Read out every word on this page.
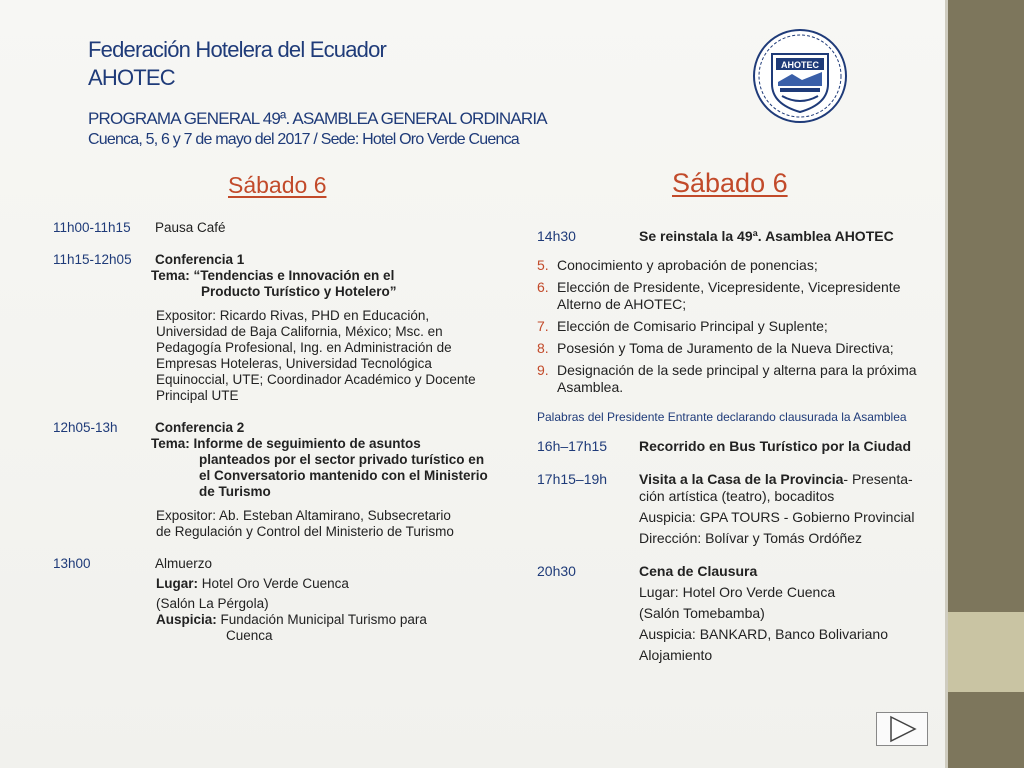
Federación Hotelera del Ecuador
AHOTEC
PROGRAMA GENERAL 49ª. ASAMBLEA GENERAL ORDINARIA
Cuenca, 5, 6 y 7 de mayo del 2017 / Sede: Hotel Oro Verde Cuenca
AHOTEC
Sábado 6	Sábado 6
11h00-11h15	Pausa Café
11h15-12h05	Conferencia 1
Tema: “Tendencias e Innovación en el
Producto Turístico y Hotelero”
Expositor: Ricardo Rivas, PHD en Educación, Universidad de Baja California, México; Msc. en Pedagogía Profesional, Ing. en Administración de Empresas Hoteleras, Universidad Tecnológica Equinoccial, UTE; Coordinador Académico y Docente Principal UTE
12h05-13h	Conferencia 2
Tema: Informe de seguimiento de asuntos planteados por el sector privado turístico en el Conversatorio mantenido con el Ministerio de Turismo
Expositor: Ab. Esteban Altamirano, Subsecretario de Regulación y Control del Ministerio de Turismo
13h00	Almuerzo
Lugar: Hotel Oro Verde Cuenca
(Salón La Pérgola)
Auspicia: Fundación Municipal Turismo para
Cuenca
14h30	Se reinstala la 49ª. Asamblea AHOTEC
5. Conocimiento y aprobación de ponencias;
6. Elección de Presidente, Vicepresidente, Vicepresidente Alterno de AHOTEC;
7. Elección de Comisario Principal y Suplente;
8. Posesión y Toma de Juramento de la Nueva Directiva;
9. Designación de la sede principal y alterna para la próxima Asamblea.
Palabras del Presidente Entrante declarando clausurada la Asamblea
16h–17h15	Recorrido en Bus Turístico por la Ciudad
17h15–19h	Visita a la Casa de la Provincia- Presenta-ción artística (teatro), bocaditos
Auspicia: GPA TOURS - Gobierno Provincial
Dirección: Bolívar y Tomás Ordóñez
20h30	Cena de Clausura
Lugar: Hotel Oro Verde Cuenca
(Salón Tomebamba)
Auspicia: BANKARD, Banco Bolivariano
Alojamiento
